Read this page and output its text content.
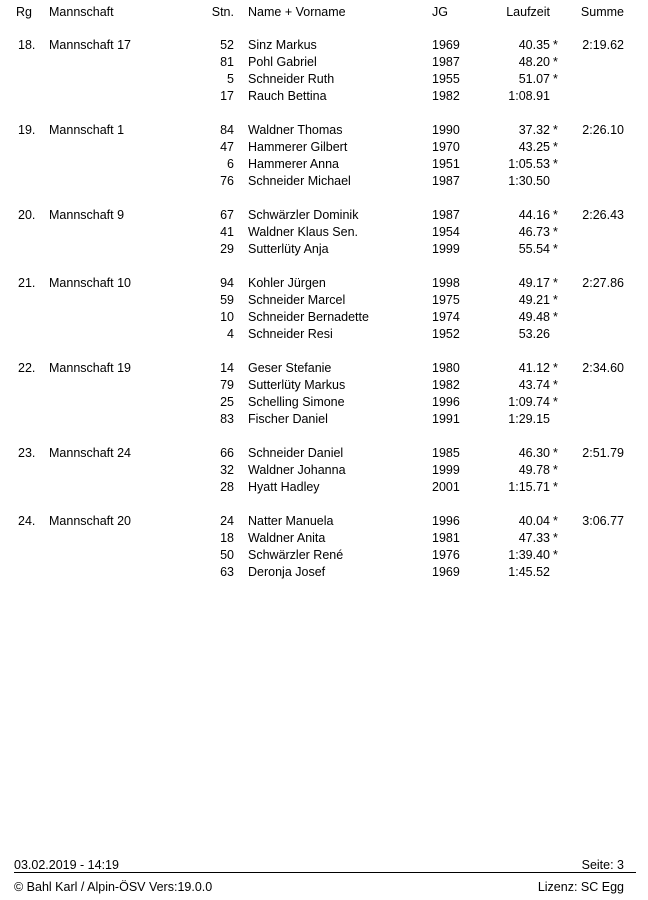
Rg Mannschaft	Stn. Name + Vorname	JG	Laufzeit Summe
18. Mannschaft 17	52 Sinz Markus	1969	40.35 * 2:19.62
81 Pohl Gabriel	1987	48.20 *
5 Schneider Ruth	1955	51.07 *
17 Rauch Bettina	1982	1:08.91
19. Mannschaft 1	84 Waldner Thomas	1990	37.32 * 2:26.10
47 Hammerer Gilbert	1970	43.25 *
6 Hammerer Anna	1951	1:05.53 *
76 Schneider Michael	1987	1:30.50
20. Mannschaft 9	67 Schwärzler Dominik	1987	44.16 * 2:26.43
41 Waldner Klaus Sen.	1954	46.73 *
29 Sutterlüty Anja	1999	55.54 *
21. Mannschaft 10	94 Kohler Jürgen	1998	49.17 * 2:27.86
59 Schneider Marcel	1975	49.21 *
10 Schneider Bernadette	1974	49.48 *
4 Schneider Resi	1952	53.26
22. Mannschaft 19	14 Geser Stefanie	1980	41.12 * 2:34.60
79 Sutterlüty Markus	1982	43.74 *
25 Schelling Simone	1996	1:09.74 *
83 Fischer Daniel	1991	1:29.15
23. Mannschaft 24	66 Schneider Daniel	1985	46.30 * 2:51.79
32 Waldner Johanna	1999	49.78 *
28 Hyatt Hadley	2001	1:15.71 *
24. Mannschaft 20	24 Natter Manuela	1996	40.04 * 3:06.77
18 Waldner Anita	1981	47.33 *
50 Schwärzler René	1976	1:39.40 *
63 Deronja Josef	1969	1:45.52
03.02.2019 - 14:19	Seite: 3
© Bahl Karl / Alpin-ÖSV Vers:19.0.0	Lizenz: SC Egg
